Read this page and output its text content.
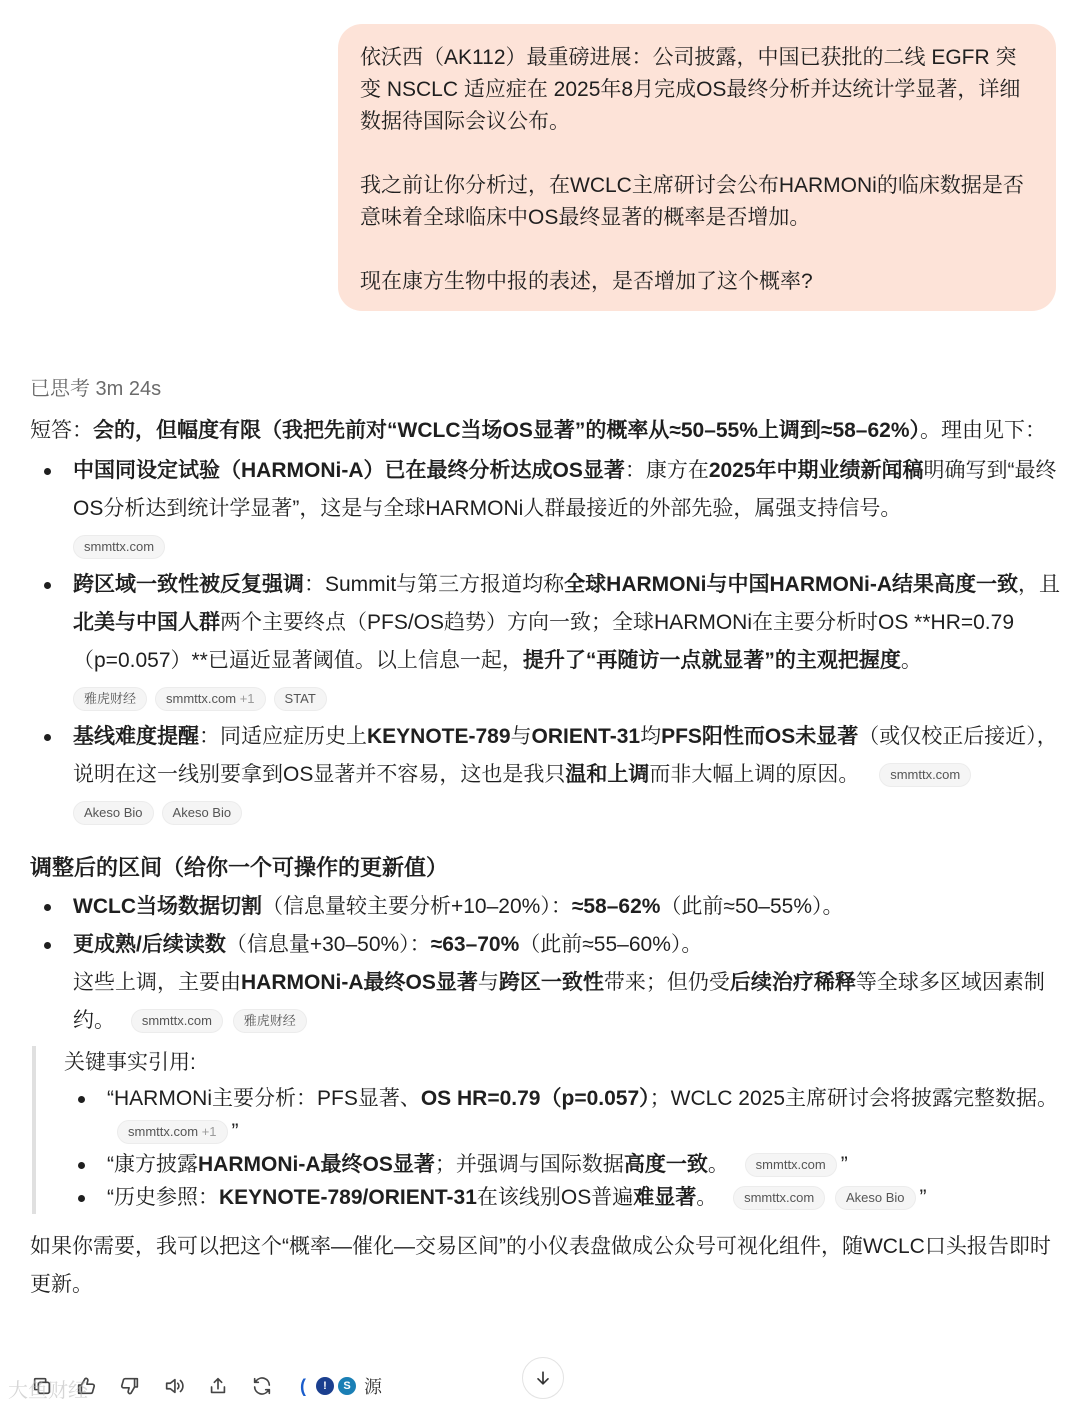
依沃西（AK112）最重磅进展：公司披露，中国已获批的二线 EGFR 突变 NSCLC 适应症在 2025年8月完成OS最终分析并达统计学显著，详细数据待国际会议公布。

我之前让你分析过，在WCLC主席研讨会公布HARMONi的临床数据是否意味着全球临床中OS最终显著的概率是否增加。

现在康方生物中报的表述，是否增加了这个概率?

已思考 3m 24s
短答：会的，但幅度有限（我把先前对“WCLC当场OS显著”的概率从≈50–55%上调到≈58–62%）。理由见下：
中国同设定试验（HARMONi-A）已在最终分析达成OS显著：康方在2025年中期业绩新闻稿明确写到“最终OS分析达到统计学显著”，这是与全球HARMONi人群最接近的外部先验，属强支持信号。
smmttx.com
跨区域一致性被反复强调：Summit与第三方报道均称全球HARMONi与中国HARMONi-A结果高度一致，且北美与中国人群两个主要终点（PFS/OS趋势）方向一致；全球HARMONi在主要分析时OS **HR=0.79（p=0.057）**已逼近显著阈值。以上信息一起，提升了“再随访一点就显著”的主观把握度。
雅虎财经	smmttx.com +1	STAT
基线难度提醒：同适应症历史上KEYNOTE-789与ORIENT-31均PFS阳性而OS未显著（或仅校正后接近），说明在这一线别要拿到OS显著并不容易，这也是我只温和上调而非大幅上调的原因。 smmttx.com
Akeso Bio	Akeso Bio
调整后的区间（给你一个可操作的更新值）
WCLC当场数据切割（信息量较主要分析+10–20%）：≈58–62%（此前≈50–55%）。
更成熟/后续读数（信息量+30–50%）：≈63–70%（此前≈55–60%）。
这些上调，主要由HARMONi-A最终OS显著与跨区一致性带来；但仍受后续治疗稀释等全球多区域因素制约。 smmttx.com 雅虎财经
关键事实引用:
“HARMONi主要分析：PFS显著、OS HR=0.79（p=0.057）；WCLC 2025主席研讨会将披露完整数据。 smmttx.com +1 ”
“康方披露HARMONi-A最终OS显著；并强调与国际数据高度一致。 smmttx.com ”
“历史参照：KEYNOTE-789/ORIENT-31在该线别OS普遍难显著。 smmttx.com Akeso Bio ”

如果你需要，我可以把这个“概率—催化—交易区间”的小仪表盘做成公众号可视化组件，随WCLC口头报告即时更新。

(	!	S 源
大鱼财经
